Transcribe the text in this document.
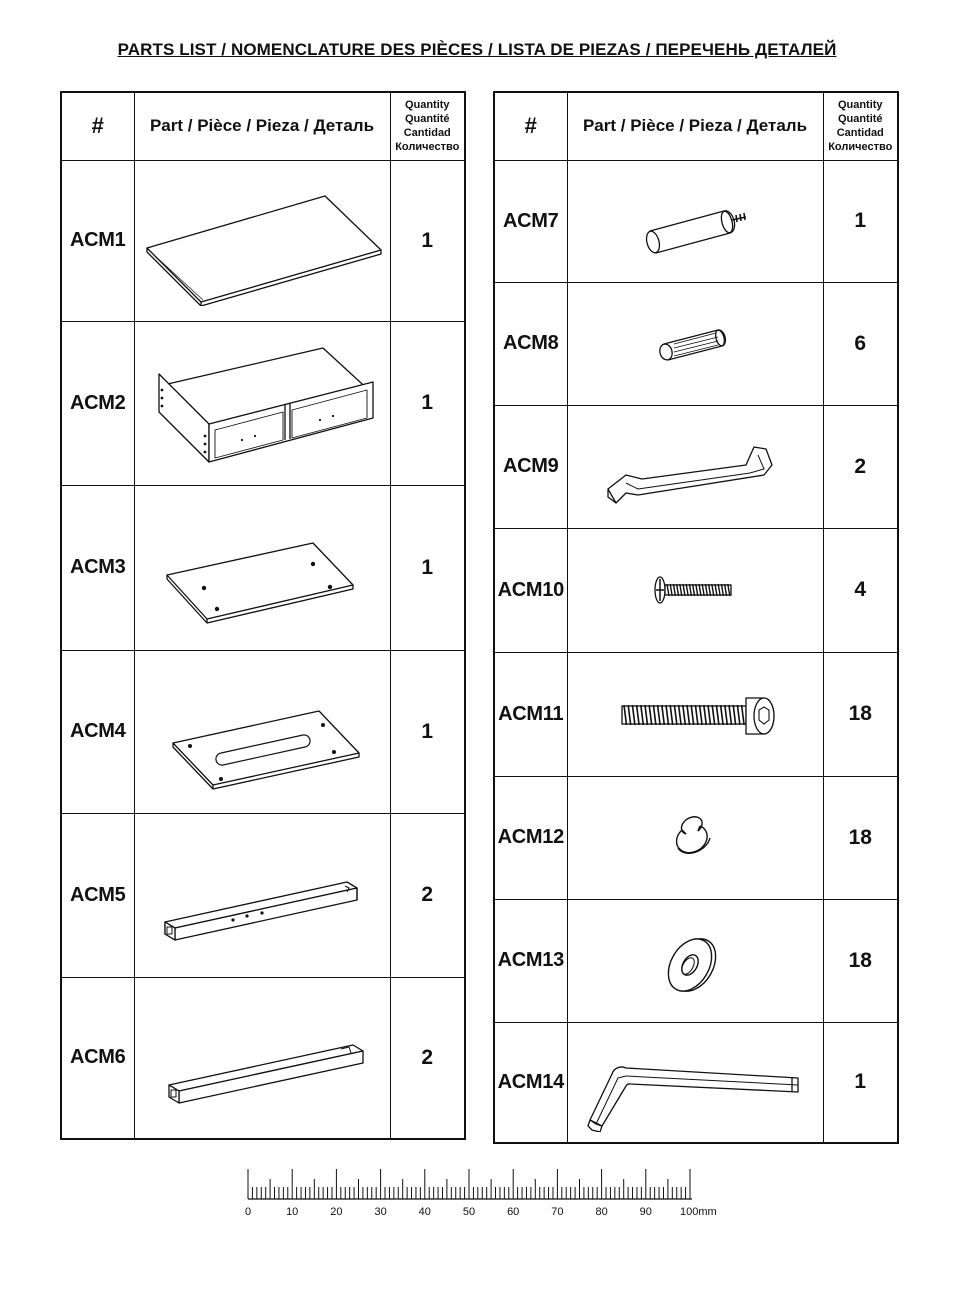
PARTS LIST / NOMENCLATURE DES PIÈCES / LISTA DE PIEZAS / ПЕРЕЧЕНЬ ДЕТАЛЕЙ
#	Part / Pièce / Pieza / Деталь	Quantity
Quantité
Cantidad
Количество

ACM1		1
ACM2		1
ACM3		1
ACM4		1
ACM5		2
ACM6		2
#	Part / Pièce / Pieza / Деталь	Quantity
Quantité
Cantidad
Количество

ACM7		1
ACM8		6
ACM9		2
ACM10		4
ACM11		18
ACM12		18
ACM13		18
ACM14		1
0	10	20	30	40	50	60	70	80	90	100mm
